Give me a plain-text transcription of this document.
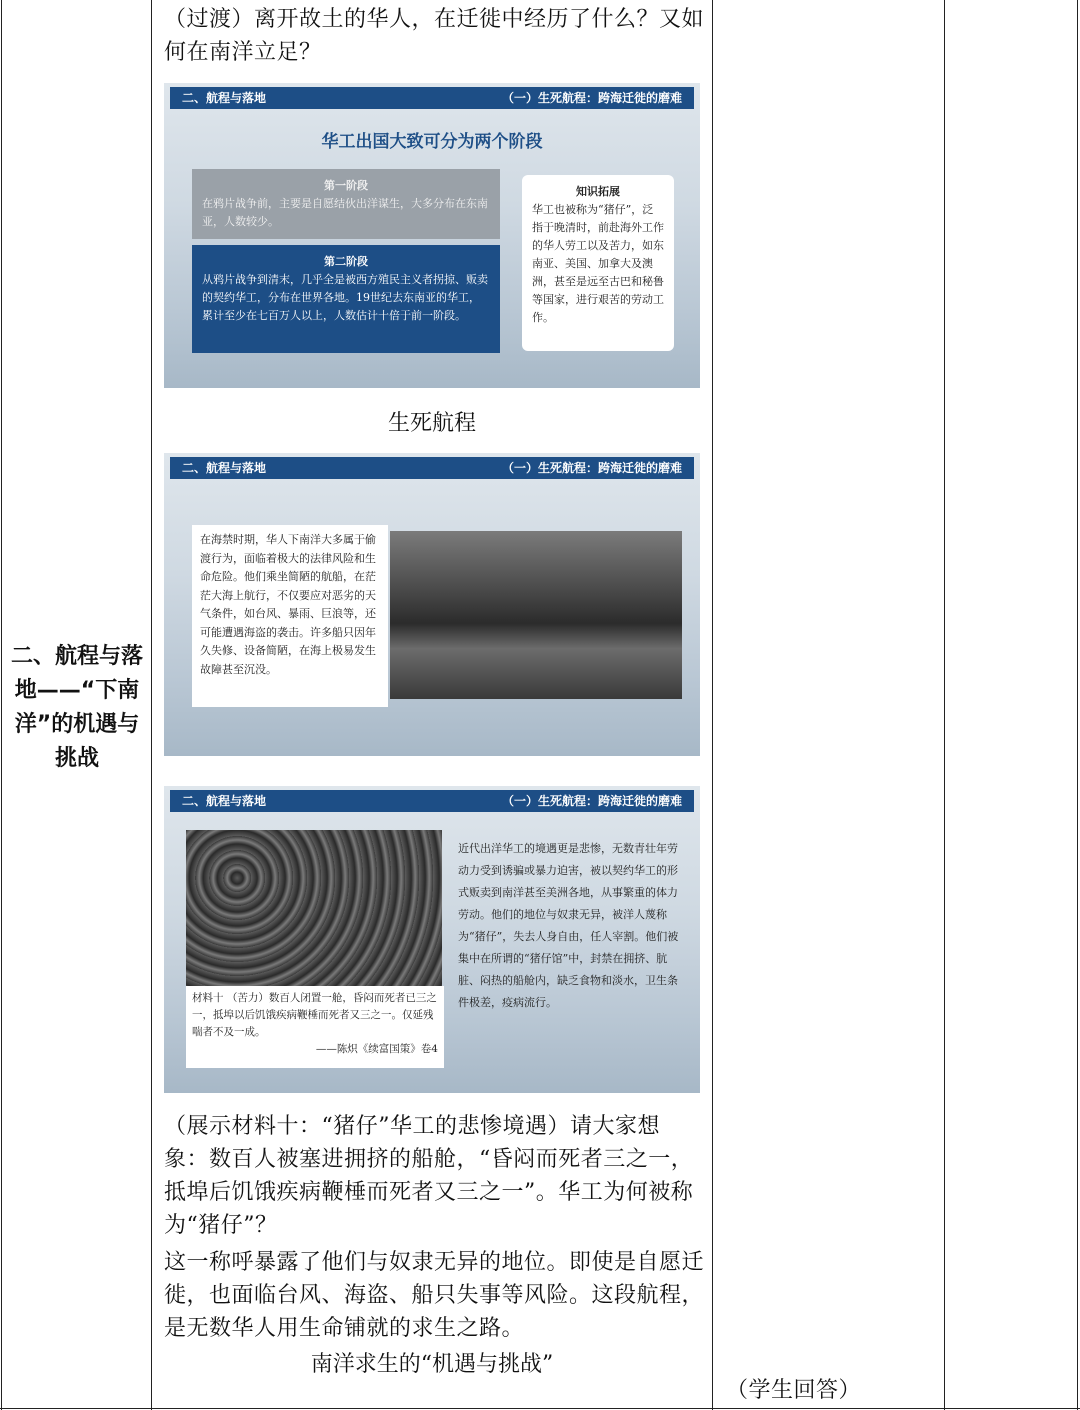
二、航程与落地——“下南洋”的机遇与挑战
（过渡）离开故土的华人，在迁徙中经历了什么？又如何在南洋立足？
二、航程与落地	（一）生死航程：跨海迁徙的磨难
华工出国大致可分为两个阶段
第一阶段
在鸦片战争前，主要是自愿结伙出洋谋生，大多分布在东南亚，人数较少。
第二阶段
从鸦片战争到清末，几乎全是被西方殖民主义者拐掠、贩卖的契约华工，分布在世界各地。19世纪去东南亚的华工，累计至少在七百万人以上，人数估计十倍于前一阶段。
知识拓展
华工也被称为“猪仔”，泛指于晚清时，前赴海外工作的华人劳工以及苦力，如东南亚、美国、加拿大及澳洲，甚至是远至古巴和秘鲁等国家，进行艰苦的劳动工作。
生死航程
二、航程与落地	（一）生死航程：跨海迁徙的磨难
在海禁时期，华人下南洋大多属于偷渡行为，面临着极大的法律风险和生命危险。他们乘坐简陋的航船，在茫茫大海上航行，不仅要应对恶劣的天气条件，如台风、暴雨、巨浪等，还可能遭遇海盗的袭击。许多船只因年久失修、设备简陋，在海上极易发生故障甚至沉没。
二、航程与落地	（一）生死航程：跨海迁徙的磨难
材料十 （苦力）数百人闭置一舱，昏闷而死者已三之一，抵埠以后饥饿疾病鞭棰而死者又三之一。仅延残喘者不及一成。
——陈炽《续富国策》卷4
近代出洋华工的境遇更是悲惨，无数青壮年劳动力受到诱骗或暴力迫害，被以契约华工的形式贩卖到南洋甚至美洲各地，从事繁重的体力劳动。他们的地位与奴隶无异，被洋人蔑称为“猪仔”，失去人身自由，任人宰割。他们被集中在所谓的“猪仔馆”中，封禁在拥挤、肮脏、闷热的船舱内，缺乏食物和淡水，卫生条件极差，疫病流行。
（展示材料十：“猪仔”华工的悲惨境遇）请大家想象：数百人被塞进拥挤的船舱，“昏闷而死者三之一，抵埠后饥饿疾病鞭棰而死者又三之一”。华工为何被称为“猪仔”？
这一称呼暴露了他们与奴隶无异的地位。即使是自愿迁徙，也面临台风、海盗、船只失事等风险。这段航程，是无数华人用生命铺就的求生之路。
南洋求生的“机遇与挑战”
（学生回答）
